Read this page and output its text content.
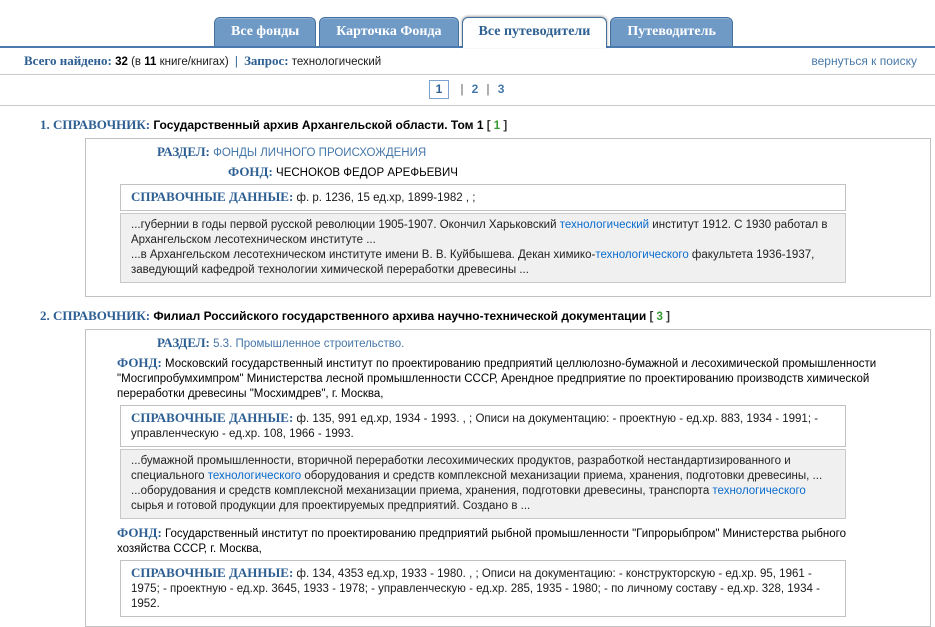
Все фонды	Карточка Фонда	Все путеводители	Путеводитель
Всего найдено: 32 (в 11 книге/книгах) | Запрос: технологический	вернуться к поиску
1 | 2 | 3
1. СПРАВОЧНИК: Государственный архив Архангельской области. Том 1 [ 1 ]
РАЗДЕЛ: ФОНДЫ ЛИЧНОГО ПРОИСХОЖДЕНИЯ
ФОНД: ЧЕСНОКОВ ФЕДОР АРЕФЬЕВИЧ
СПРАВОЧНЫЕ ДАННЫЕ: ф. р. 1236, 15 ед.хр, 1899-1982 , ;
...губернии в годы первой русской революции 1905-1907. Окончил Харьковский технологический институт 1912. С 1930 работал в Архангельском лесотехническом институте ...
...в Архангельском лесотехническом институте имени В. В. Куйбышева. Декан химико-технологического факультета 1936-1937, заведующий кафедрой технологии химической переработки древесины ...
2. СПРАВОЧНИК: Филиал Российского государственного архива научно-технической документации [ 3 ]
РАЗДЕЛ: 5.3. Промышленное строительство.
ФОНД: Московский государственный институт по проектированию предприятий целлюлозно-бумажной и лесохимической промышленности "Мосгипробумхимпром" Министерства лесной промышленности СССР, Арендное предприятие по проектированию производств химической переработки древесины "Мосхимдрев", г. Москва,
СПРАВОЧНЫЕ ДАННЫЕ: ф. 135, 991 ед.хр, 1934 - 1993. , ; Описи на документацию: - проектную - ед.хр. 883, 1934 - 1991; - управленческую - ед.хр. 108, 1966 - 1993.
...бумажной промышленности, вторичной переработки лесохимических продуктов, разработкой нестандартизированного и специального технологического оборудования и средств комплексной механизации приема, хранения, подготовки древесины, ...
...оборудования и средств комплексной механизации приема, хранения, подготовки древесины, транспорта технологического сырья и готовой продукции для проектируемых предприятий. Создано в ...
ФОНД: Государственный институт по проектированию предприятий рыбной промышленности "Гипрорыбпром" Министерства рыбного хозяйства СССР, г. Москва,
СПРАВОЧНЫЕ ДАННЫЕ: ф. 134, 4353 ед.хр, 1933 - 1980. , ; Описи на документацию: - конструкторскую - ед.хр. 95, 1961 - 1975; - проектную - ед.хр. 3645, 1933 - 1978; - управленческую - ед.хр. 285, 1935 - 1980; - по личному составу - ед.хр. 328, 1934 - 1952.
